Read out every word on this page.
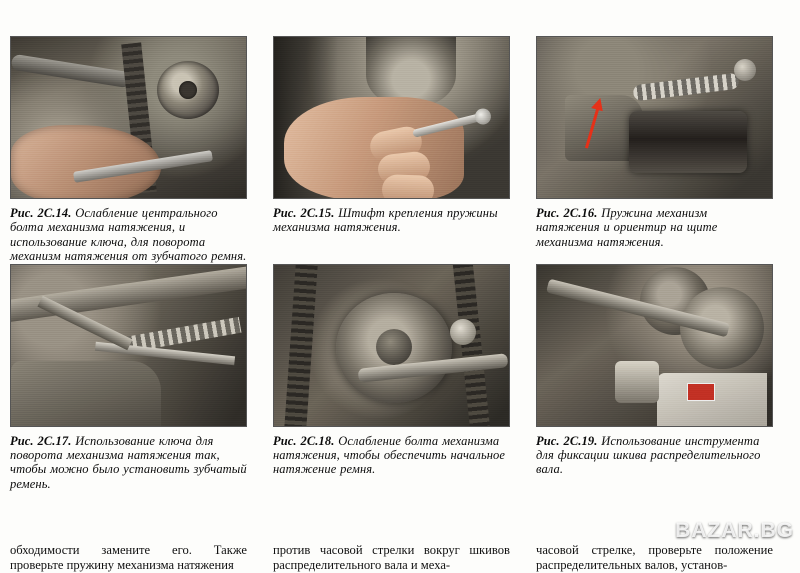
Рис. 2C.14. Ослабление центрального болта механизма натяжения, и использование ключа, для поворота механизм натяжения от зубчатого ремня.
Рис. 2C.15. Штифт крепления пружины механизма натяжения.
Рис. 2C.16. Пружина механизм натяжения и ориентир на щите механизма натяжения.
Рис. 2C.17. Использование ключа для поворота механизма натяжения так, чтобы можно было установить зубчатый ремень.
Рис. 2C.18. Ослабление болта механизма натяжения, чтобы обеспечить начальное натяжение ремня.
Рис. 2C.19. Использование инструмента для фиксации шкива распределительного вала.

обходимости замените его. Также проверьте пружину механизма натяжения

против часовой стрелки вокруг шкивов распределительного вала и меха-

часовой стрелке, проверьте положение распределительных валов, установ-

BAZAR.BG
